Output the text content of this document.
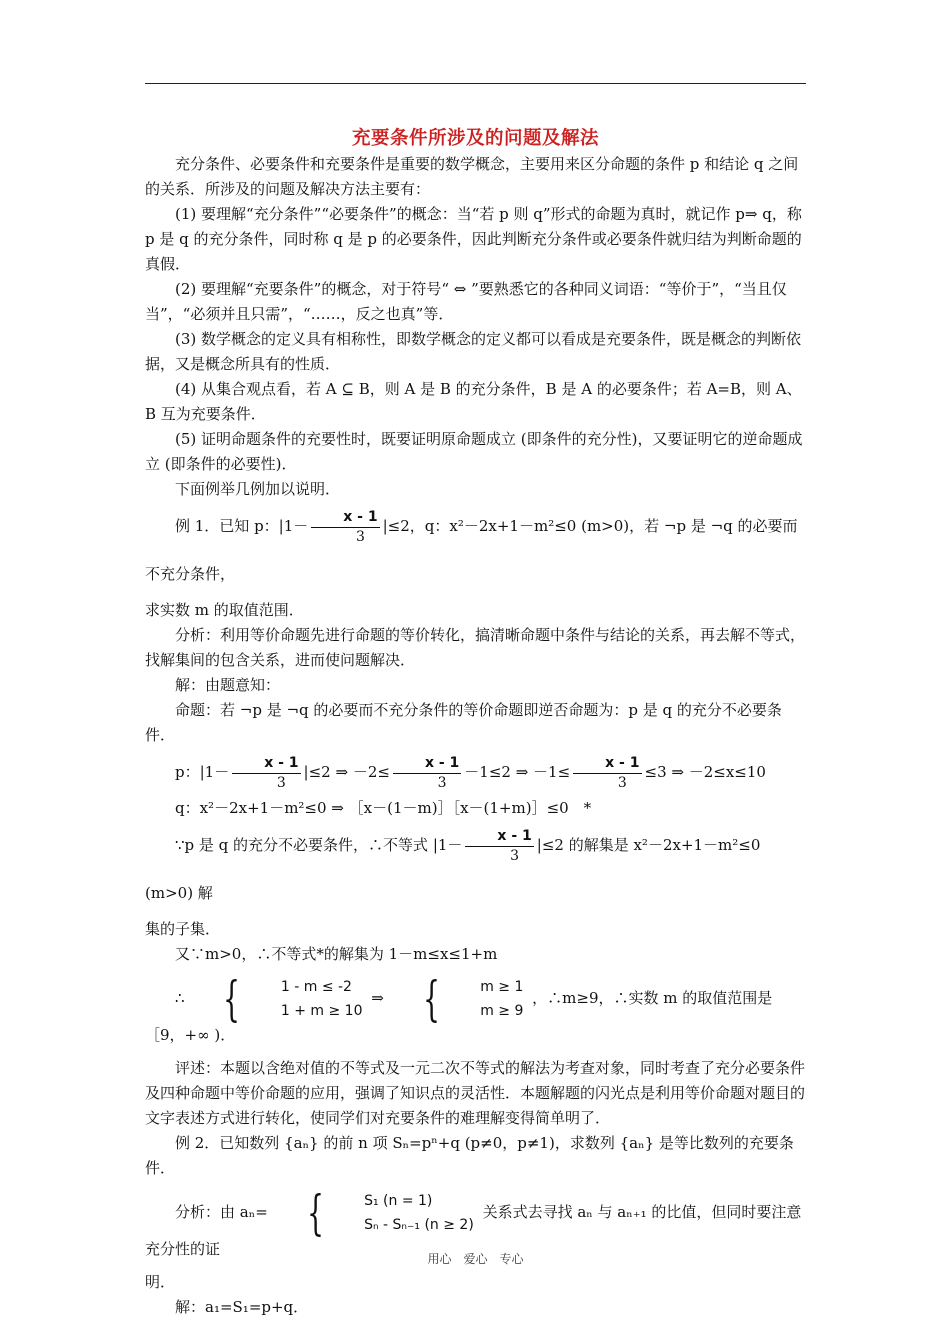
充要条件所涉及的问题及解法

充分条件、必要条件和充要条件是重要的数学概念，主要用来区分命题的条件 p 和结论 q 之间的关系．所涉及的问题及解决方法主要有：

(1) 要理解“充分条件”“必要条件”的概念：当“若 p 则 q”形式的命题为真时，就记作 p⇒ q，称 p 是 q 的充分条件，同时称 q 是 p 的必要条件，因此判断充分条件或必要条件就归结为判断命题的真假．

(2) 要理解“充要条件”的概念，对于符号“ ⇔ ”要熟悉它的各种同义词语：“等价于”，“当且仅当”，“必须并且只需”，“……，反之也真”等．

(3) 数学概念的定义具有相称性，即数学概念的定义都可以看成是充要条件，既是概念的判断依据，又是概念所具有的性质．

(4) 从集合观点看，若 A ⊆ B，则 A 是 B 的充分条件，B 是 A 的必要条件；若 A=B，则 A、B 互为充要条件．

(5) 证明命题条件的充要性时，既要证明原命题成立 (即条件的充分性)，又要证明它的逆命题成立 (即条件的必要性)．

下面例举几例加以说明．

例 1．已知 p：$|1- \frac{x - 1}{3} |\le 2$，q：x²－2x+1－m²≤0 (m>0)，若 ¬p 是 ¬q 的必要而不充分条件，

求实数 m 的取值范围．

分析：利用等价命题先进行命题的等价转化，搞清晰命题中条件与结论的关系，再去解不等式，找解集间的包含关系，进而使问题解决．

解：由题意知：

命题：若 ¬p 是 ¬q 的必要而不充分条件的等价命题即逆否命题为：p 是 q 的充分不必要条件．

p：$|1- \frac{x - 1}{3} |\le 2$ ⇒ $-2\le \frac{x - 1}{3} -1\le 2$ ⇒ $-1\le \frac{x - 1}{3} \le 3$ ⇒ －2≤x≤10

q：x²－2x+1－m²≤0 ⇒ ［x－(1－m)］［x－(1+m)］≤0　*

∵p 是 q 的充分不必要条件，∴不等式 $|1- \frac{x - 1}{3} |\le 2$ 的解集是 x²－2x+1－m²≤0 (m>0) 解

集的子集．

又∵m>0，∴不等式*的解集为 1－m≤x≤1+m

∴ {	1 - m ≤ -2
1 + m ≥ 10
⇒ {	m ≥ 1
m ≥ 9
，∴m≥9，∴实数 m 的取值范围是［9，+∞ )．

评述：本题以含绝对值的不等式及一元二次不等式的解法为考查对象，同时考查了充分必要条件及四种命题中等价命题的应用，强调了知识点的灵活性．本题解题的闪光点是利用等价命题对题目的文字表述方式进行转化，使同学们对充要条件的难理解变得简单明了．

例 2．已知数列 {aₙ} 的前 n 项 Sₙ=pⁿ+q (p≠0，p≠1)，求数列 {aₙ} 是等比数列的充要条件．

分析：由 aₙ= {	S₁ (n = 1)
Sₙ - Sₙ₋₁ (n ≥ 2)
关系式去寻找 aₙ 与 aₙ₊₁ 的比值，但同时要注意充分性的证

明．

解：a₁=S₁=p+q．

用心　爱心　专心
